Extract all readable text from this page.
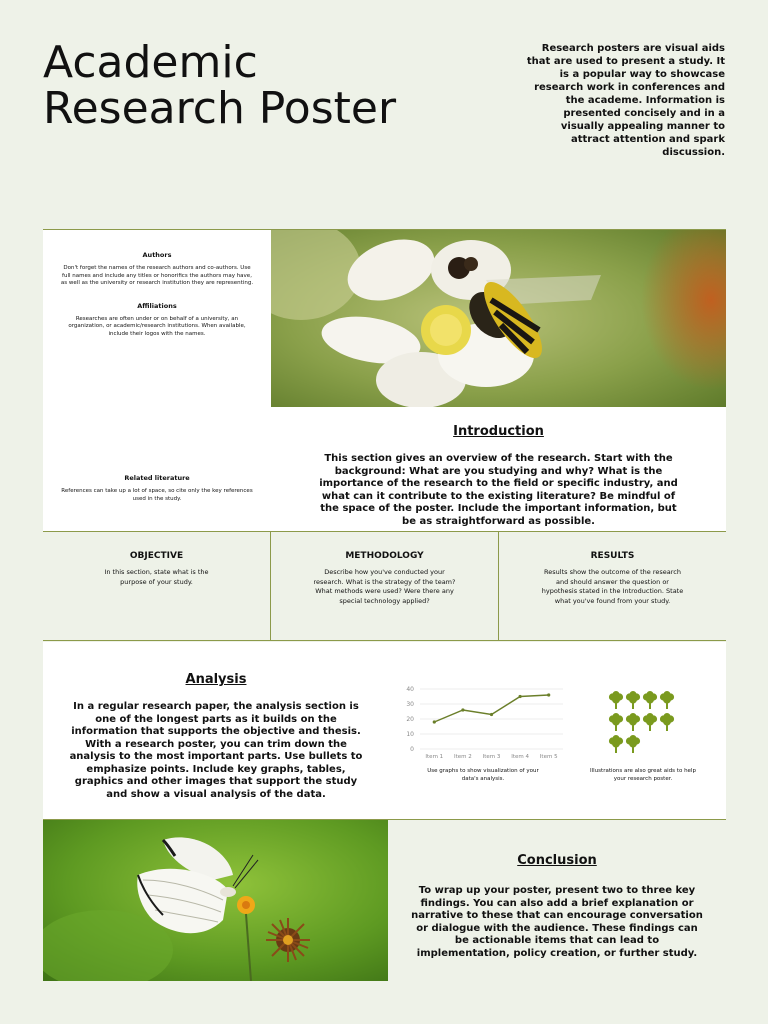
Academic
Research Poster
Research posters are visual aids that are used to present a study. It is a popular way to showcase research work in conferences and the academe. Information is presented concisely and in a visually appealing manner to attract attention and spark discussion.

Authors

Don't forget the names of the research authors and co-authors. Use full names and include any titles or honorifics the authors may have, as well as the university or research institution they are representing.

Affiliations

Researches are often under or on behalf of a university, an organization, or academic/research institutions. When available, include their logos with the names.

Related literature

References can take up a lot of space, so cite only the key references used in the study.

Introduction

This section gives an overview of the research. Start with the background: What are you studying and why? What is the importance of the research to the field or specific industry, and what can it contribute to the existing literature? Be mindful of the space of the poster. Include the important information, but be as straightforward as possible.

OBJECTIVE

In this section, state what is the purpose of your study.

METHODOLOGY

Describe how you've conducted your research. What is the strategy of the team? What methods were used? Were there any special technology applied?

RESULTS

Results show the outcome of the research and should answer the question or hypothesis stated in the Introduction. State what you've found from your study.

Analysis

In a regular research paper, the analysis section is one of the longest parts as it builds on the information that supports the objective and thesis. With a research poster, you can trim down the analysis to the most important parts. Use bullets to emphasize points. Include key graphs, tables, graphics and other images that support the study and show a visual analysis of the data.

0
10
20
30
40
Item 1 Item 2 Item 3 Item 4 Item 5

Use graphs to show visualization of your data's analysis.

Illustrations are also great aids to help your research poster.

Conclusion

To wrap up your poster, present two to three key findings. You can also add a brief explanation or narrative to these that can encourage conversation or dialogue with the audience. These findings can be actionable items that can lead to implementation, policy creation, or further study.
